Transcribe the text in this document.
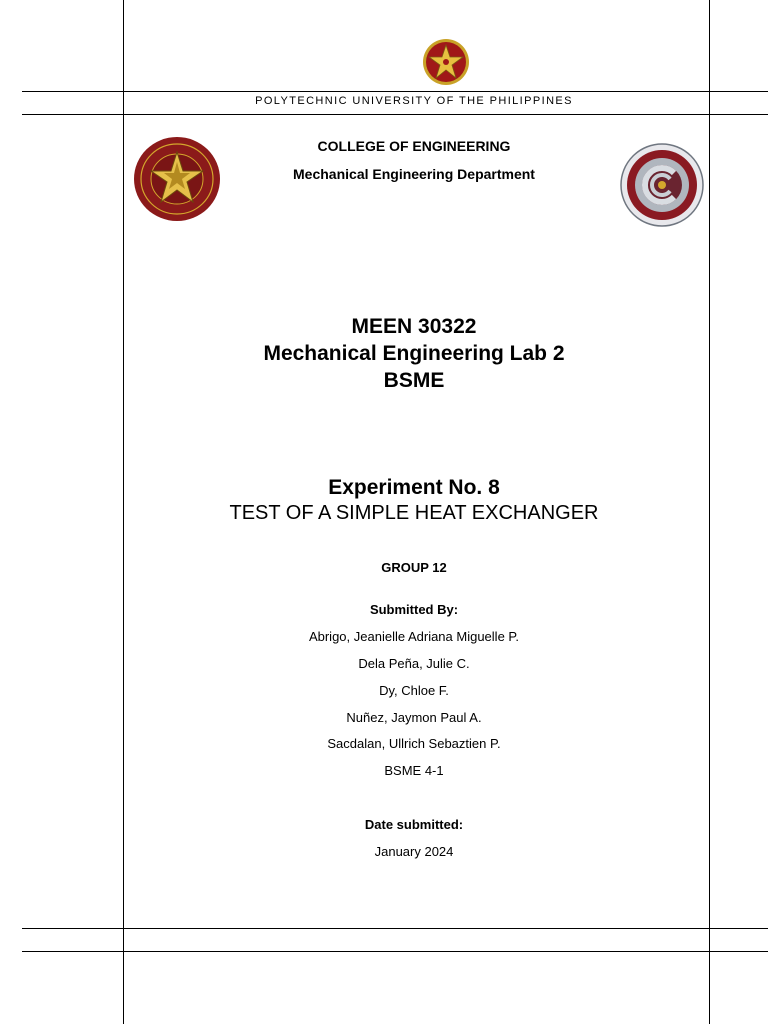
POLYTECHNIC UNIVERSITY OF THE PHILIPPINES
COLLEGE OF ENGINEERING
Mechanical Engineering Department
MEEN 30322
Mechanical Engineering Lab 2
BSME
Experiment No. 8
TEST OF A SIMPLE HEAT EXCHANGER
GROUP 12
Submitted By:
Abrigo, Jeanielle Adriana Miguelle P.
Dela Peña, Julie C.
Dy, Chloe F.
Nuñez, Jaymon Paul A.
Sacdalan, Ullrich Sebaztien P.
BSME 4-1
Date submitted:
January 2024
